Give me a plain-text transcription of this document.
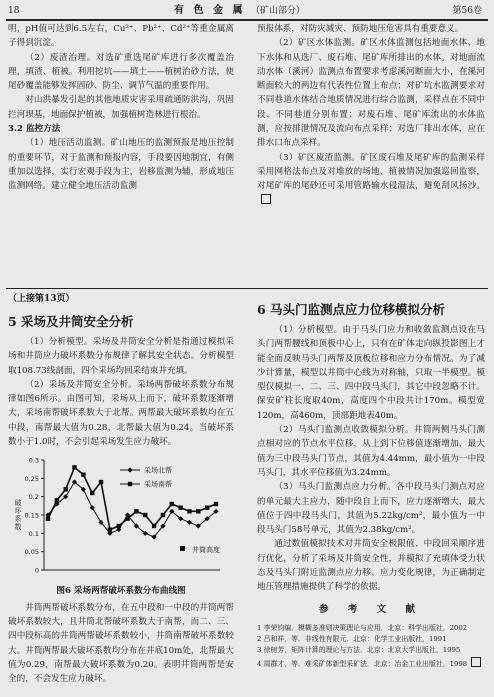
18	有 色 金 属 （矿山部分）	第56卷

明，pH值可达到6.5左右，Cu²⁺、Pb²⁺、Cd²⁺等重金属离子得到沉淀。

（2）废渣治理。对选矿重选尾矿库进行多次覆盖治理，填渣、植被。利用挖坑——填土——植树治砂方法，使尾砂覆盖能够发挥固砂、防尘、调节气温的重要作用。

对山洪暴发引起的其他地质灾害采用疏通防洪沟，巩固拦河坝基，地面保护植被，加强植树造林进行根治。

3.2 监控方法

（1）地压活动监测。矿山地压的监测预报是地压控制的重要环节，对于监测和预报内容，手段要因地制宜，有侧重加以选择，实行宏观手段为主，岩移监测为辅，形成地压监测网络。建立健全地压活动监测

预报体系，对防灾减灾、预防地压危害具有重要意义。

（2）矿区水体监测。矿区水体监测包括地面水体、地下水体和从选厂、废石堆、尾矿库所排出的水体。对地面流动水体（溪河）监测点布置要求考虑溪河断面大小，在溪河断面较大的两边有代表性位置上布点；对矿坑水监测要求对不同巷道水体结合地质情况进行综合监测，采样点在不同中段、不同巷道分别布置；对废石堆、尾矿库流出的水体监测，应按排泄情况及流向布点采样；对选厂排出水体，应在排水口布点采样。

（3）矿区废渣监测。矿区废石堆及尾矿库的监测采样采用网格法布点及对堆放的场地、植被情况加强巡回监察，对尾矿库的尾砂还可采用管路输水侵湿法，避免刮风扬沙。

（上接第13页）
5 采场及井筒安全分析

（1）分析模型。采场及井筒安全分析是指通过模拟采场和井筒应力破坏系数分布规律了解其安全状态。分析模型取108.73线剖面，四个采场均回采结束并充填。

（2）采场及井筒安全分析。采场两帮破坏系数分布规律如图6所示。由图可知，采场从上而下，破坏系数逐渐增大，采场南帮破坏系数大于北帮。两帮最大破坏系数均在五中段，南帮最大值为0.28，北帮最大值为0.24。当破坏系数小于1.0时，不会引起采场发生应力破坏。

0.3
0.25
0.2
0.15
0.1
0.05
0
破坏系数
采场北帮
采场南帮
井筒高度
图6 采场两帮破坏系数分布曲线图

井筒两帮破坏系数分布，在五中段和一中段的井筒两帮破坏系数较大，且井筒北帮破坏系数大于南帮，而二、三、四中段标高的井筒两帮破坏系数较小，井筒南帮破坏系数较大。井筒两帮最大破坏系数均分布在井底10m处，北帮最大值为0.29，南帮最大破坏系数为0.20。表明井筒两帮是安全的，不会发生应力破坏。

6 马头门监测点应力位移模拟分析

（1）分析模型。由于马头门应力和收敛监测点设在马头门两帮腰线和顶板中心上，只有在矿体走向纵投影图上才能全面反映马头门两帮及顶板位移和应力分布情况。为了减少计算量，模型以井筒中心线为对称轴，只取一半模型。模型仅模拟一、二、三、四中段马头门，其它中段忽略不计。保安矿柱长度取40m，高度四个中段共计170m。模型宽120m，高460m，顶部距地表40m。

（2）马头门监测点收敛模拟分析。井筒两侧马头门测点相对应的节点水平位移，从上到下位移值逐渐增加，最大值为三中段马头门节点，其值为4.44mm，最小值为一中段马头门，其水平位移值为3.24mm。

（3）马头门监测点应力分析。各中段马头门测点对应的单元最大主应力，随中段自上而下，应力逐渐增大，最大值位于四中段马头门，其值为5.22kg/cm²，最小值为一中段马头门58号单元，其值为2.38kg/cm²。

通过数值模拟技术对井筒安全极限值、中段回采顺序进行优化，分析了采场及井筒安全性，并模拟了充填体受力状态及马头门附近监测点应力移、应力变化规律，为正确制定地压管理措施提供了科学的依据。

参 考 文 献
1 李荣钧编．模糊多准则决策理论与应用．北京：科学出版社，2002
2 吕和祥，等．非线性有限元．北京：化学工业出版社，1991
3 徐树芳，矩阵计算的理论与方法．北京：北京大学出版社，1995
4 周群才，等．难采矿体新型采矿法．北京：冶金工业出版社，1998
